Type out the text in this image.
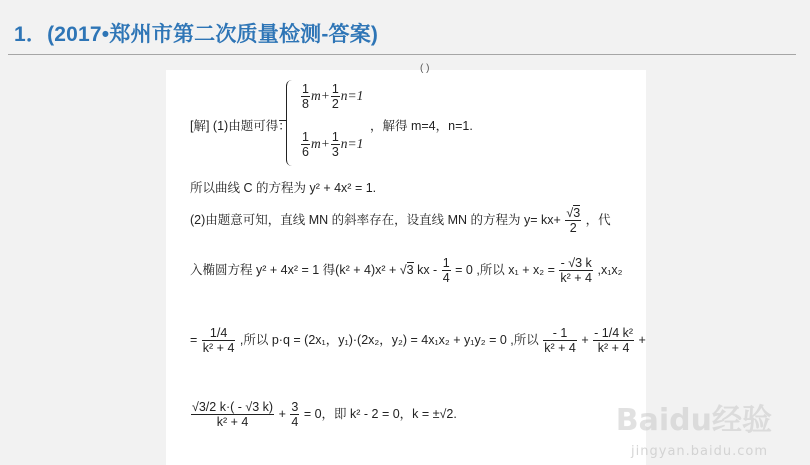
1．(2017•郑州市第二次质量检测-答案)
( )
[解] (1)由题可得：
$\frac{1}{8} m+ \frac{1}{2} n=1$
$\frac{1}{6} m+ \frac{1}{3} n=1$
，解得 m=4，n=1.
所以曲线 C 的方程为 y² + 4x² = 1.
(2)由题意可知，直线 MN 的斜率存在，设直线 MN 的方程为 $y= kx+ \frac{√3}{2}$ ，代
入椭圆方程 y² + 4x² = 1 得(k² + 4)x² + √3 kx - $\frac{1}{4} = 0$ ,所以 $x_1 + x_2 = \frac{- √3 k}{\text{k² + 4}} ,x_1x_2$
= $\frac{1/4}{\text{k² + 4}}$ ,所以 p·q = (2x₁，y₁)·(2x₂，y₂) = 4x₁x₂ + y₁y₂ = 0 ,所以 $\frac{- 1}{\text{k² + 4}} + \frac{\text{- 1/4 k²}}{\text{k² + 4}}$ +
$\frac{√3/2 k\cdot( - √3 k)}{\text{k² + 4}} + \frac{3}{4} = 0$，即 k² - 2 = 0，k = ±√2.	Baidu经验
jingyan.baidu.com
